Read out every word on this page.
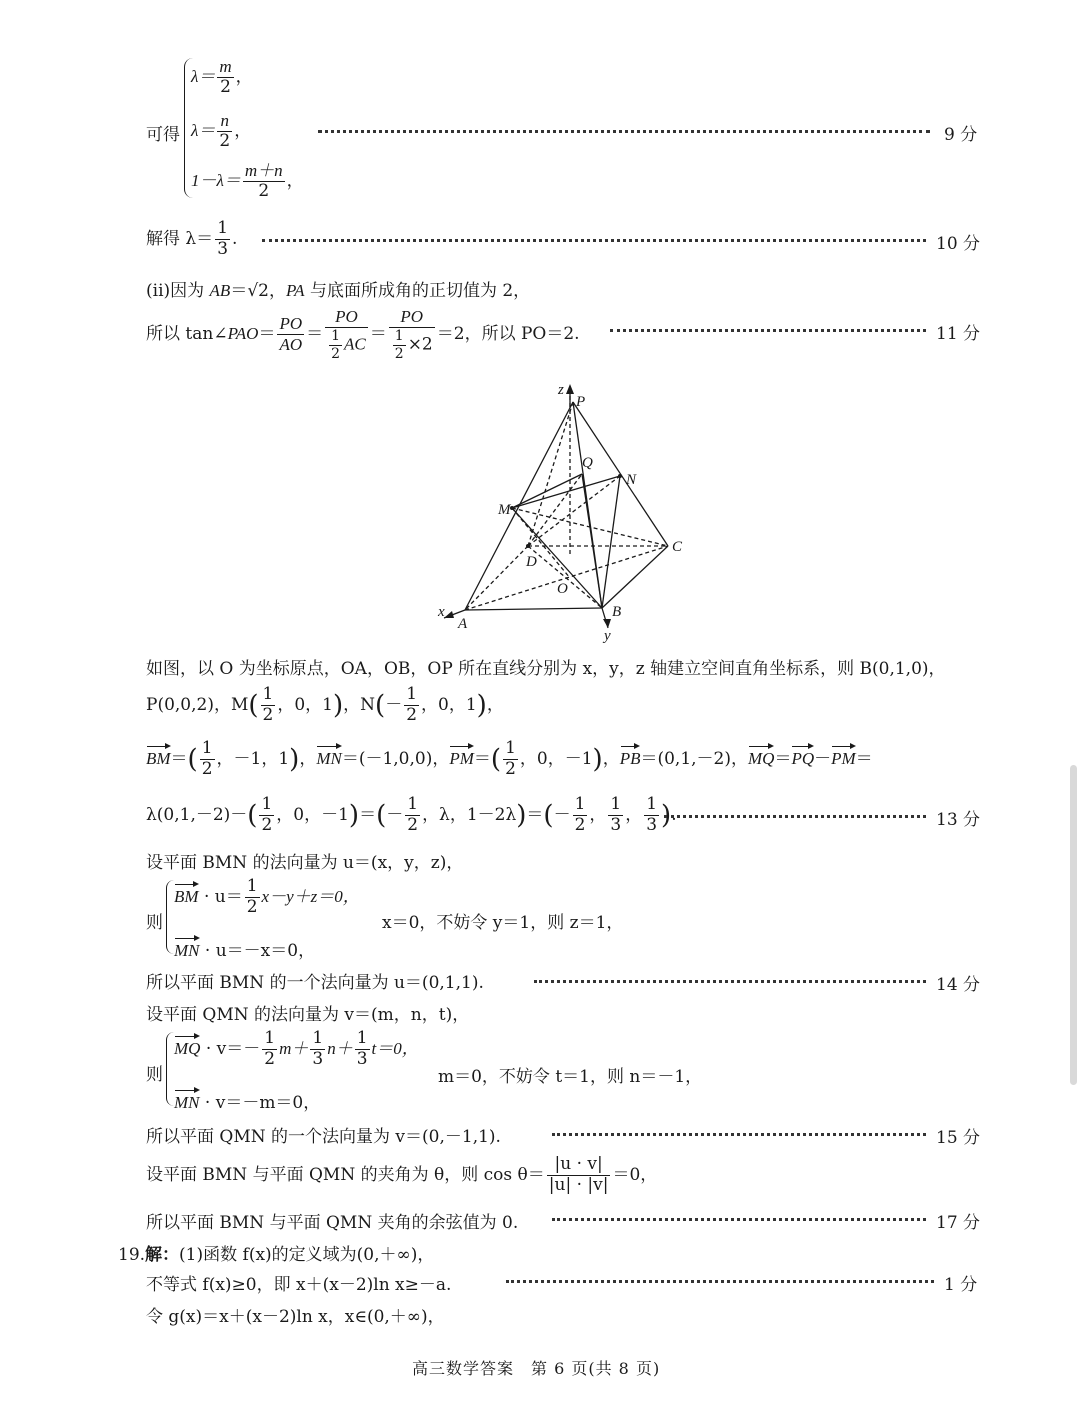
可得
$\lambda= \frac{m}{2}$ ，
$\lambda= \frac{n}{2}$ ，
$1-\lambda= \frac{m+n}{2}$ ，
9 分
解得 $\lambda= \frac{1}{3}$ .	10 分
(ii)因为 AB＝√2，PA 与底面所成角的正切值为 2，
所以 tan∠PAO＝ $\frac{PO}{AO} = \frac{PO}{\frac{1}{2} AC} = \frac{PO}{\frac{1}{2} \times 2} =2$，所以 PO＝2.	11 分
z
P
Q
N
M
C
D
O
x
A
B
y
如图，以 O 为坐标原点，OA，OB，OP 所在直线分别为 x，y，z 轴建立空间直角坐标系，则 B(0,1,0)，
P(0,0,2)，$M( \frac{1}{2}$ ，0，1)，$N(- \frac{1}{2}$ ，0，1)，
$BM=( \frac{1}{2}$ ，－1，1)，MN＝(－1,0,0)，$PM=( \frac{1}{2}$ ，0，－1)，PB＝(0,1,－2)，MQ＝PQ－PM＝
$\lambda(0,1,-2)-( \frac{1}{2}$ ，0，$-1)=(- \frac{1}{2}$ ，λ，$1-2\lambda)=(- \frac{1}{2}$ ， $\frac{1}{3}$ ， $\frac{1}{3}$ ).	13 分
设平面 BMN 的法向量为 u＝(x，y，z)，
则
BM · $u= \frac{1}{2} x-y+z=0$，
MN · u＝－x＝0，
x＝0，不妨令 y＝1，则 z＝1，
所以平面 BMN 的一个法向量为 u＝(0,1,1).	14 分
设平面 QMN 的法向量为 v＝(m，n，t)，
则
MQ · $v=- \frac{1}{2} m+ \frac{1}{3} n+ \frac{1}{3} t=0$，
MN · v＝－m＝0，
m＝0，不妨令 t＝1，则 n＝－1，
所以平面 QMN 的一个法向量为 v＝(0,－1,1).	15 分
设平面 BMN 与平面 QMN 的夹角为 θ，则 $\cos \theta= \frac{|u \cdot v|}{|u| \cdot |v|} =0$，
所以平面 BMN 与平面 QMN 夹角的余弦值为 0.	17 分
19.解：(1)函数 f(x)的定义域为(0,＋∞)，
不等式 f(x)≥0，即 x＋(x－2)ln x≥－a.	1 分
令 g(x)＝x＋(x－2)ln x，x∈(0,＋∞)，
高三数学答案　第 6 页(共 8 页)
